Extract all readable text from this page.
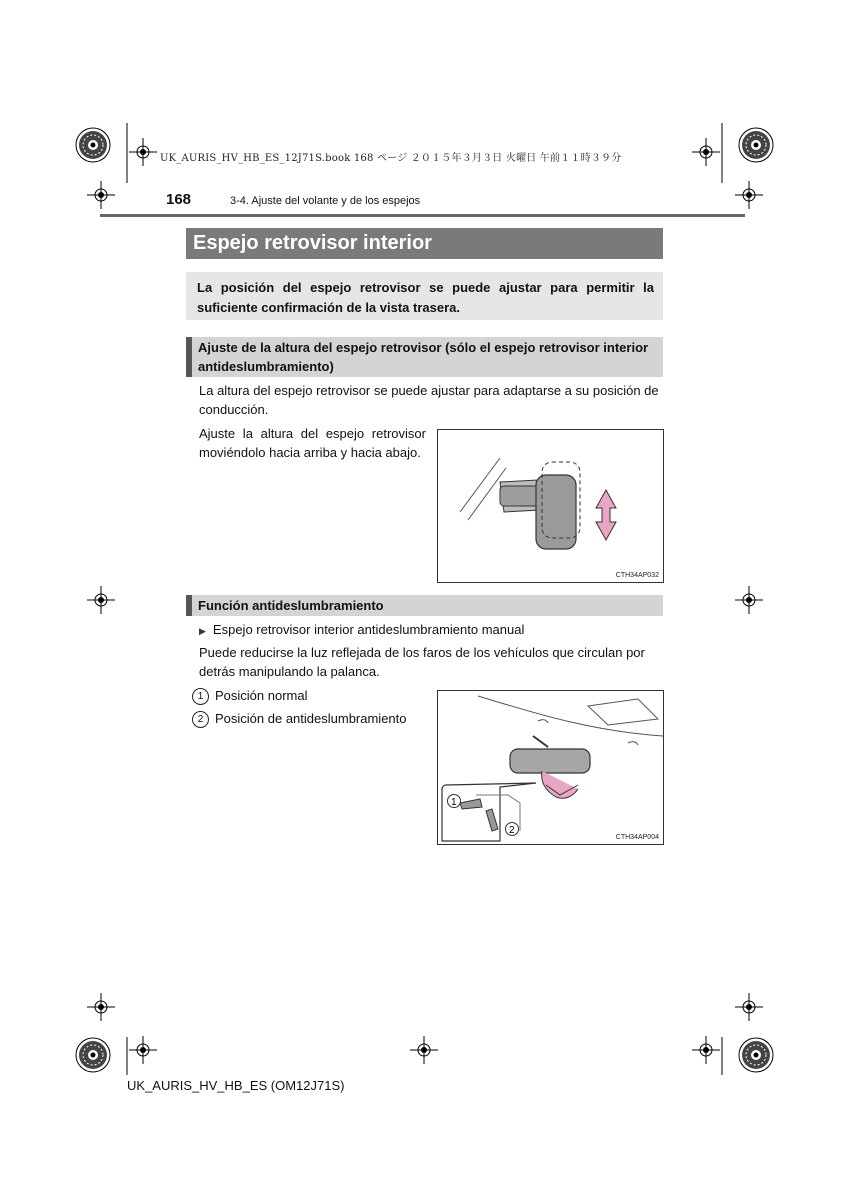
UK_AURIS_HV_HB_ES_12J71S.book 168 ページ ２０１５年３月３日 火曜日 午前１１時３９分
168	3-4. Ajuste del volante y de los espejos
Espejo retrovisor interior
La posición del espejo retrovisor se puede ajustar para permitir la suficiente confirmación de la vista trasera.
Ajuste de la altura del espejo retrovisor (sólo el espejo retrovisor interior antideslumbramiento)
La altura del espejo retrovisor se puede ajustar para adaptarse a su posición de conducción.
Ajuste la altura del espejo retrovisor moviéndolo hacia arriba y hacia abajo.
CTH34AP032
Función antideslumbramiento
▶ Espejo retrovisor interior antideslumbramiento manual
Puede reducirse la luz reflejada de los faros de los vehículos que circulan por detrás manipulando la palanca.
1 Posición normal
2 Posición de antideslumbramiento
1
2
CTH34AP004
UK_AURIS_HV_HB_ES (OM12J71S)
